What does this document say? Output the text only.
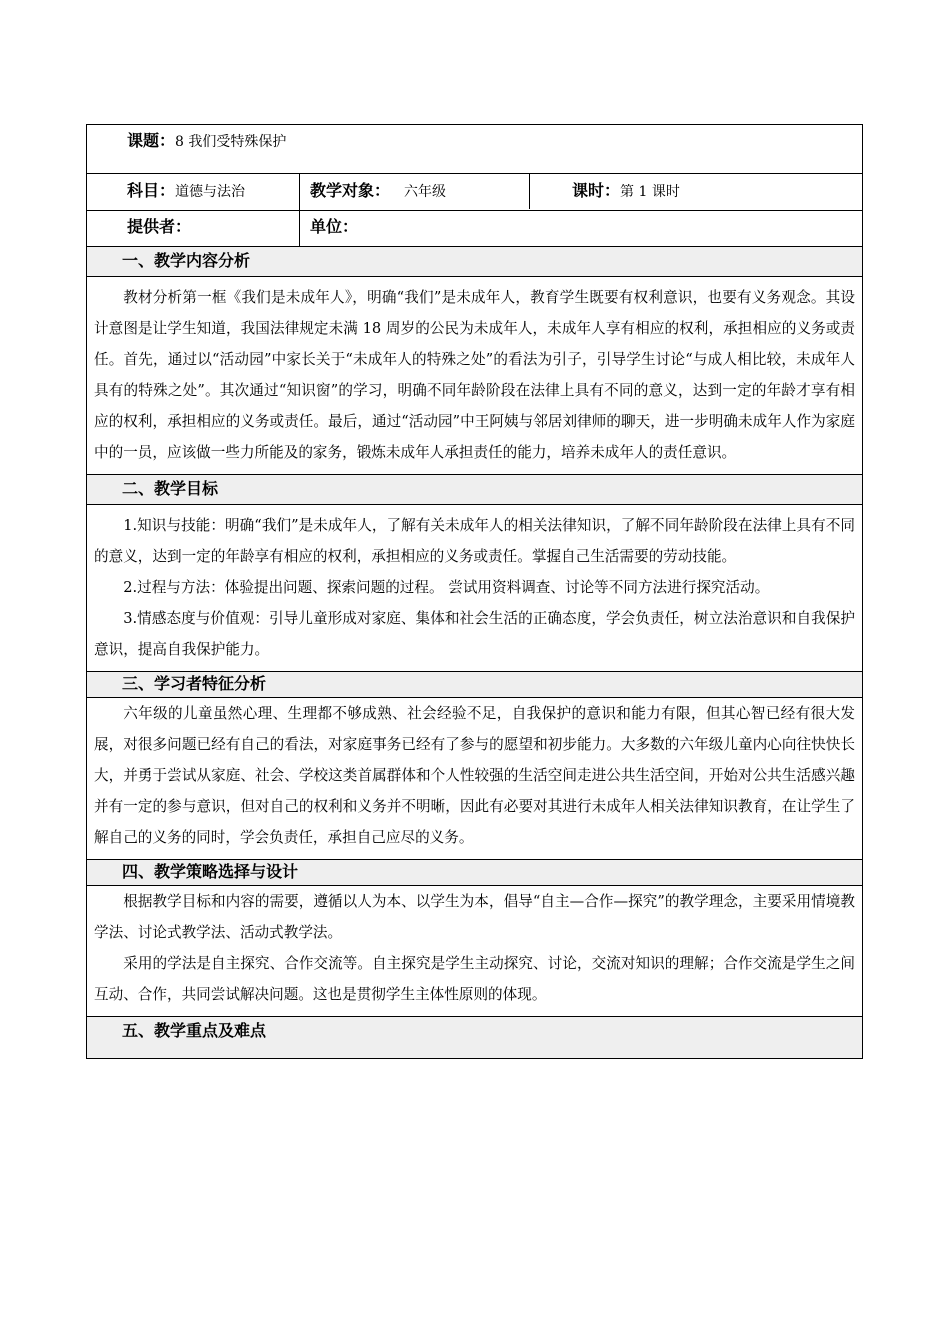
课题：8 我们受特殊保护	

科目：道德与法治	教学对象： 六年级 课时：第 1 课时

提供者：	单位：

一、教学内容分析	

教材分析第一框《我们是未成年人》，明确“我们”是未成年人，教育学生既要有权利意识，也要有义务观念。其设计意图是让学生知道，我国法律规定未满 18 周岁的公民为未成年人，未成年人享有相应的权利，承担相应的义务或责任。首先，通过以“活动园”中家长关于“未成年人的特殊之处”的看法为引子，引导学生讨论“与成人相比较，未成年人具有的特殊之处”。其次通过“知识窗”的学习，明确不同年龄阶段在法律上具有不同的意义，达到一定的年龄才享有相应的权利，承担相应的义务或责任。最后，通过“活动园”中王阿姨与邻居刘律师的聊天，进一步明确未成年人作为家庭中的一员，应该做一些力所能及的家务，锻炼未成年人承担责任的能力，培养未成年人的责任意识。	

二、教学目标	

1.知识与技能：明确“我们”是未成年人，了解有关未成年人的相关法律知识，了解不同年龄阶段在法律上具有不同的意义，达到一定的年龄享有相应的权利，承担相应的义务或责任。掌握自己生活需要的劳动技能。

2.过程与方法：体验提出问题、探索问题的过程。 尝试用资料调查、讨论等不同方法进行探究活动。

3.情感态度与价值观：引导儿童形成对家庭、集体和社会生活的正确态度，学会负责任，树立法治意识和自我保护意识，提高自我保护能力。	

三、学习者特征分析	

六年级的儿童虽然心理、生理都不够成熟、社会经验不足，自我保护的意识和能力有限，但其心智已经有很大发展，对很多问题已经有自己的看法，对家庭事务已经有了参与的愿望和初步能力。大多数的六年级儿童内心向往快快长大，并勇于尝试从家庭、社会、学校这类首属群体和个人性较强的生活空间走进公共生活空间，开始对公共生活感兴趣并有一定的参与意识，但对自己的权利和义务并不明晰，因此有必要对其进行未成年人相关法律知识教育，在让学生了解自己的义务的同时，学会负责任，承担自己应尽的义务。	

四、教学策略选择与设计	

根据教学目标和内容的需要，遵循以人为本、以学生为本，倡导“自主—合作—探究”的教学理念，主要采用情境教学法、讨论式教学法、活动式教学法。

采用的学法是自主探究、合作交流等。自主探究是学生主动探究、讨论，交流对知识的理解；合作交流是学生之间互动、合作，共同尝试解决问题。这也是贯彻学生主体性原则的体现。	

五、教学重点及难点	
